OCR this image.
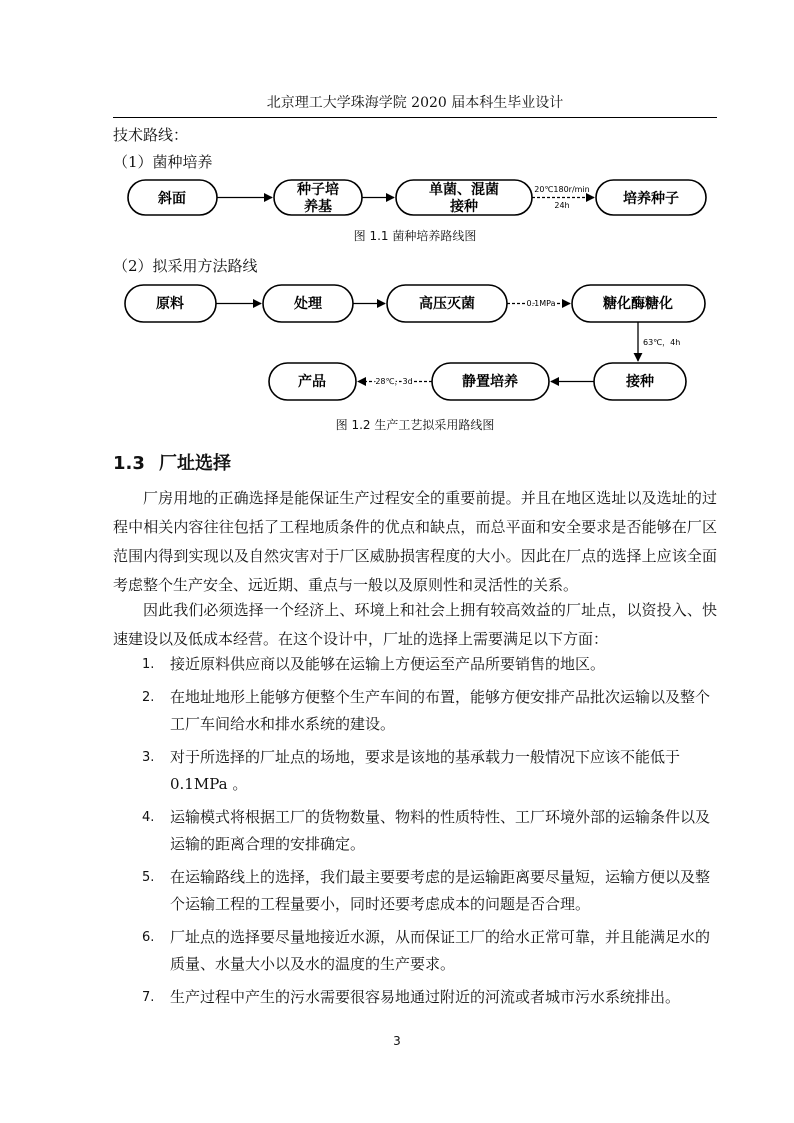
北京理工大学珠海学院 2020 届本科生毕业设计
技术路线：
（1）菌种培养
斜面
种子培
养基
单菌、混菌
接种	培养种子
20℃180r/min
24h
图 1.1 菌种培养路线图
（2）拟采用方法路线
原料	处理	高压灭菌	糖化酶糖化
接种
静置培养
产品
0.1MPa
63℃，4h
28℃，3d
图 1.2 生产工艺拟采用路线图
1.3 厂址选择

厂房用地的正确选择是能保证生产过程安全的重要前提。并且在地区选址以及选址的过程中相关内容往往包括了工程地质条件的优点和缺点，而总平面和安全要求是否能够在厂区范围内得到实现以及自然灾害对于厂区威胁损害程度的大小。因此在厂点的选择上应该全面考虑整个生产安全、远近期、重点与一般以及原则性和灵活性的关系。

因此我们必须选择一个经济上、环境上和社会上拥有较高效益的厂址点，以资投入、快速建设以及低成本经营。在这个设计中，厂址的选择上需要满足以下方面：

1. 接近原料供应商以及能够在运输上方便运至产品所要销售的地区。
2. 在地址地形上能够方便整个生产车间的布置，能够方便安排产品批次运输以及整个工厂车间给水和排水系统的建设。
3. 对于所选择的厂址点的场地，要求是该地的基承载力一般情况下应该不能低于 0.1MPa 。
4. 运输模式将根据工厂的货物数量、物料的性质特性、工厂环境外部的运输条件以及运输的距离合理的安排确定。
5. 在运输路线上的选择，我们最主要要考虑的是运输距离要尽量短，运输方便以及整个运输工程的工程量要小，同时还要考虑成本的问题是否合理。
6. 厂址点的选择要尽量地接近水源，从而保证工厂的给水正常可靠，并且能满足水的质量、水量大小以及水的温度的生产要求。
7. 生产过程中产生的污水需要很容易地通过附近的河流或者城市污水系统排出。
3
